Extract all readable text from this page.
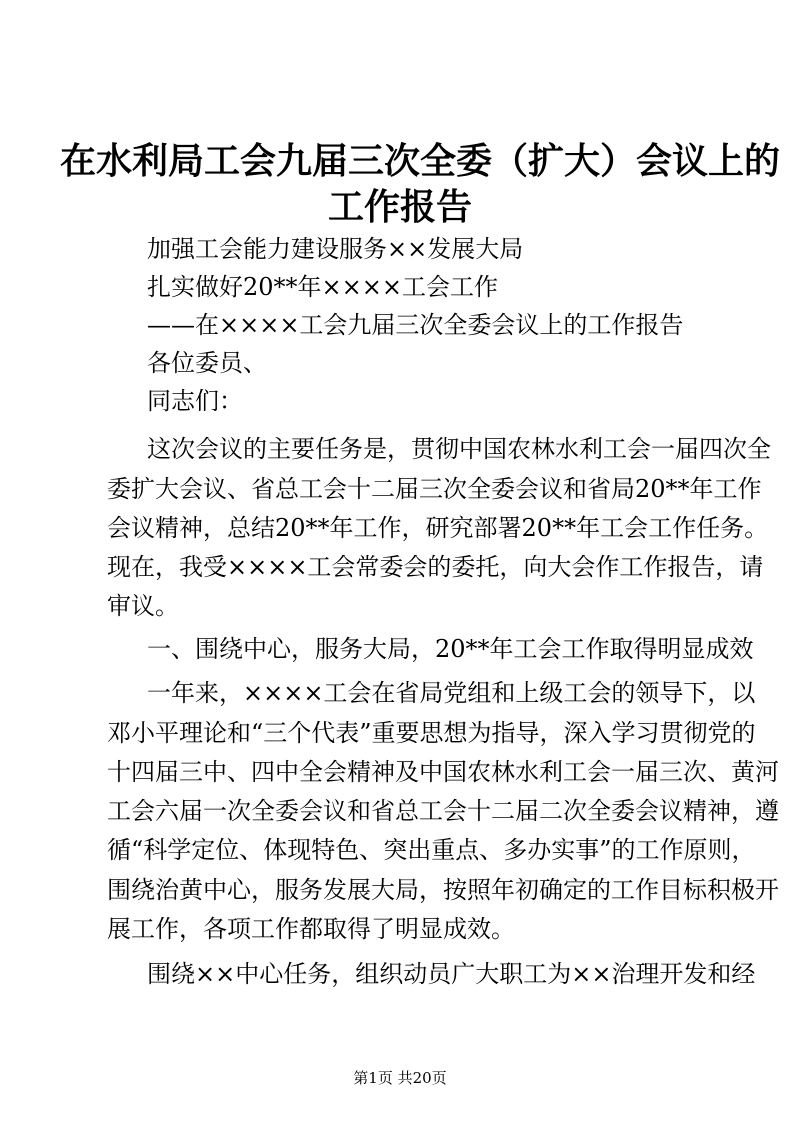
在水利局工会九届三次全委（扩大）会议上的
工作报告
加强工会能力建设服务××发展大局
扎实做好20**年××××工会工作
——在××××工会九届三次全委会议上的工作报告
各位委员、
同志们：
这次会议的主要任务是，贯彻中国农林水利工会一届四次全
委扩大会议、省总工会十二届三次全委会议和省局20**年工作
会议精神，总结20**年工作，研究部署20**年工会工作任务。
现在，我受××××工会常委会的委托，向大会作工作报告，请
审议。
一、围绕中心，服务大局，20**年工会工作取得明显成效
一年来，××××工会在省局党组和上级工会的领导下，以
邓小平理论和“三个代表”重要思想为指导，深入学习贯彻党的
十四届三中、四中全会精神及中国农林水利工会一届三次、黄河
工会六届一次全委会议和省总工会十二届二次全委会议精神，遵
循“科学定位、体现特色、突出重点、多办实事”的工作原则，
围绕治黄中心，服务发展大局，按照年初确定的工作目标积极开
展工作，各项工作都取得了明显成效。
围绕××中心任务，组织动员广大职工为××治理开发和经
第1页 共20页
